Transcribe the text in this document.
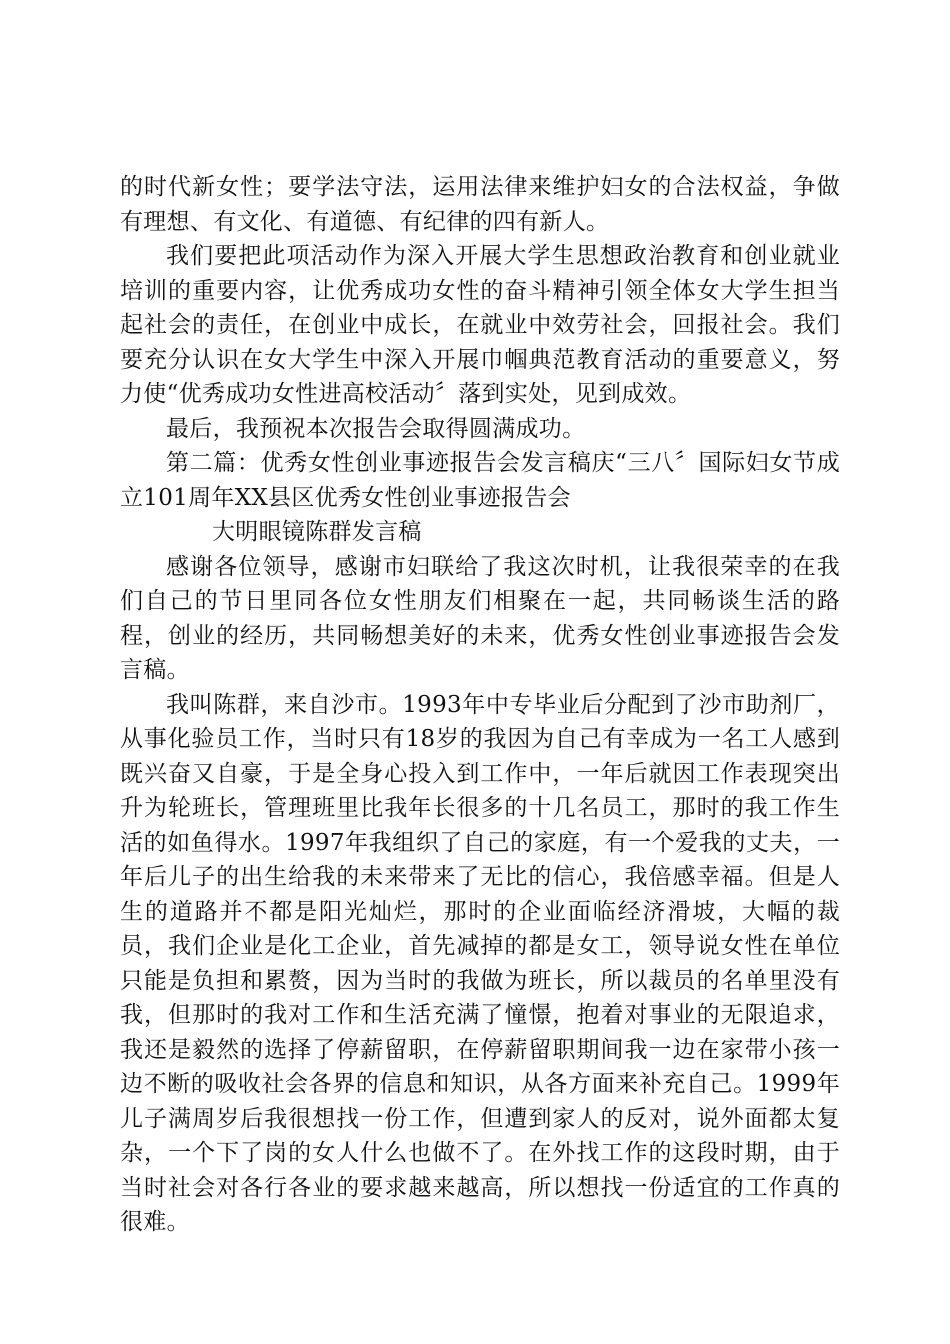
的时代新女性；要学法守法，运用法律来维护妇女的合法权益，争做有理想、有文化、有道德、有纪律的四有新人。

我们要把此项活动作为深入开展大学生思想政治教育和创业就业培训的重要内容，让优秀成功女性的奋斗精神引领全体女大学生担当起社会的责任，在创业中成长，在就业中效劳社会，回报社会。我们要充分认识在女大学生中深入开展巾帼典范教育活动的重要意义，努力使“优秀成功女性进高校活动〞落到实处，见到成效。

最后，我预祝本次报告会取得圆满成功。

第二篇：优秀女性创业事迹报告会发言稿庆“三八〞国际妇女节成立101周年XX县区优秀女性创业事迹报告会

大明眼镜陈群发言稿

感谢各位领导，感谢市妇联给了我这次时机，让我很荣幸的在我们自己的节日里同各位女性朋友们相聚在一起，共同畅谈生活的路程，创业的经历，共同畅想美好的未来，优秀女性创业事迹报告会发言稿。

我叫陈群，来自沙市。1993年中专毕业后分配到了沙市助剂厂，从事化验员工作，当时只有18岁的我因为自己有幸成为一名工人感到既兴奋又自豪，于是全身心投入到工作中，一年后就因工作表现突出升为轮班长，管理班里比我年长很多的十几名员工，那时的我工作生活的如鱼得水。1997年我组织了自己的家庭，有一个爱我的丈夫，一年后儿子的出生给我的未来带来了无比的信心，我倍感幸福。但是人生的道路并不都是阳光灿烂，那时的企业面临经济滑坡，大幅的裁员，我们企业是化工企业，首先减掉的都是女工，领导说女性在单位只能是负担和累赘，因为当时的我做为班长，所以裁员的名单里没有我，但那时的我对工作和生活充满了憧憬，抱着对事业的无限追求，我还是毅然的选择了停薪留职，在停薪留职期间我一边在家带小孩一边不断的吸收社会各界的信息和知识，从各方面来补充自己。1999年儿子满周岁后我很想找一份工作，但遭到家人的反对，说外面都太复杂，一个下了岗的女人什么也做不了。在外找工作的这段时期，由于当时社会对各行各业的要求越来越高，所以想找一份适宜的工作真的很难。
